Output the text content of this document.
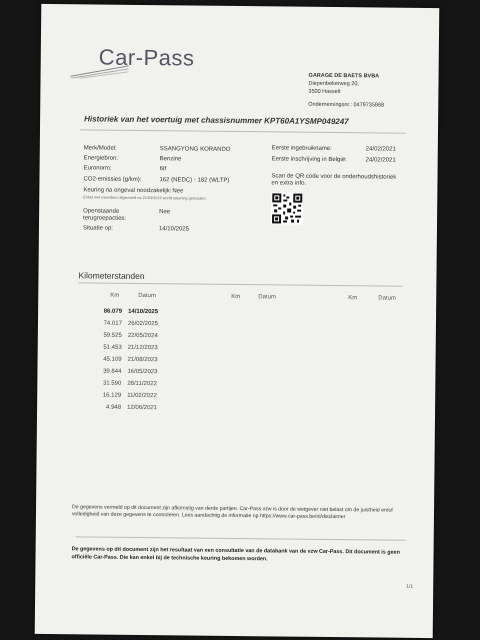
Car-Pass
GARAGE DE BAETS BVBA
Diepenbekerweg 20,
3500 Hasselt
Ondernemingsnr.: 0479735868
Historiek van het voertuig met chassisnummer KPT60A1YSMP049247
Merk/Model:	SSANGYONG KORANDO
Energiebron:	Benzine
Euronorm:	6If
CO2-emissies (g/km):	162 (NEDC) - 182 (WLTP)
Keuring na ongeval noodzakelijk: Nee
Enkel met meerdere uitgevoerd na 21/03/2019 wordt rekening gehouden.
Openstaande terugroepacties:
Nee
Situatie op:	14/10/2025
Eerste ingebruikname:	24/02/2021
Eerste inschrijving in België:	24/02/2021
Scan de QR code voor de onderhoudshistoriek en extra info.
Kilometerstanden
Km	Datum	Km	Datum	Km	Datum
86.079 14/10/2025
74.017 26/02/2025
59.525 22/05/2024
51.453 21/12/2023
45.109 21/08/2023
39.844 16/05/2023
31.590 28/11/2022
16.129 11/02/2022
4.948 12/06/2021
De gegevens vermeld op dit document zijn afkomstig van derde partijen. Car-Pass vzw is door de wetgever niet belast om de juistheid en/of volledigheid van deze gegevens te controleren. Lees aandachtig de informatie op https://www.car-pass.be/nl/disclaimer
De gegevens op dit document zijn het resultaat van een consultatie van de databank van de vzw Car-Pass. Dit document is geen officiële Car-Pass. Die kan enkel bij de technische keuring bekomen worden.
1/1
